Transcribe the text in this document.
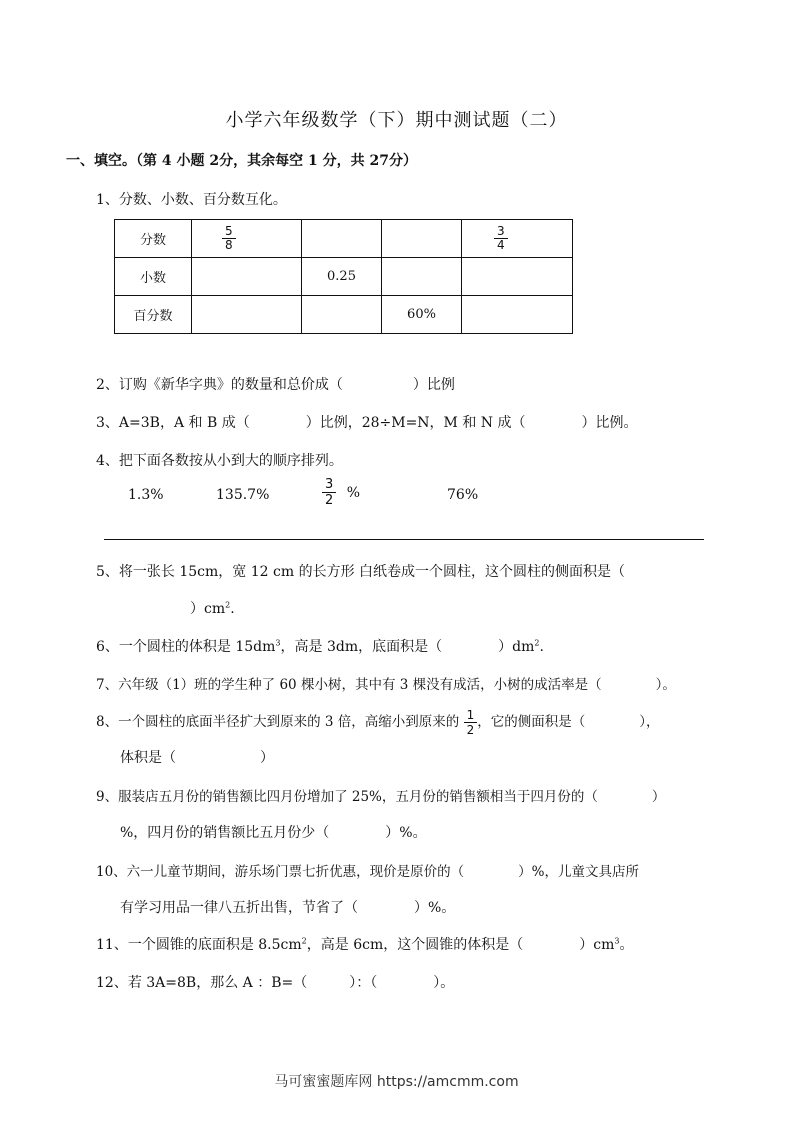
小学六年级数学（下）期中测试题（二）
一、填空。（第 4 小题 2分，其余每空 1 分，共 27分）
1、分数、小数、百分数互化。
分数	$\frac{5}{8}$			$\frac{3}{4}$

小数		0.25		
百分数			60%	
2、订购《新华字典》的数量和总价成（　　　　　）比例
3、A=3B，A 和 B 成（　　　　）比例，28÷M=N，M 和 N 成（　　　　）比例。
4、把下面各数按从小到大的顺序排列。
1.3%	135.7%	$\frac{3}{2}$ %	76%
5、将一张长 15cm，宽 12 cm 的长方形 白纸卷成一个圆柱，这个圆柱的侧面积是（
　　　　　）$cm^2$.
6、一个圆柱的体积是 $15dm^3$，高是 3dm，底面积是（　　　　）$dm^2$.
7、六年级（1）班的学生种了 60 棵小树，其中有 3 棵没有成活，小树的成活率是（　　　　）。
8、一个圆柱的底面半径扩大到原来的 3 倍，高缩小到原来的 $\frac{1}{2}$ ，它的侧面积是（　　　　），
体积是（　　　　　　）
9、服装店五月份的销售额比四月份增加了 25%，五月份的销售额相当于四月份的（　　　　）
%，四月份的销售额比五月份少（　　　　）%。
10、六一儿童节期间，游乐场门票七折优惠，现价是原价的（　　　　）%，儿童文具店所
有学习用品一律八五折出售，节省了（　　　　）%。
11、一个圆锥的底面积是 $8.5cm^2$，高是 6cm，这个圆锥的体积是（　　　　）$cm^3$。
12、若 3A=8B，那么 A ：B=（　　　）：（　　　　）。
马可蜜蜜题库网 https://amcmm.com
